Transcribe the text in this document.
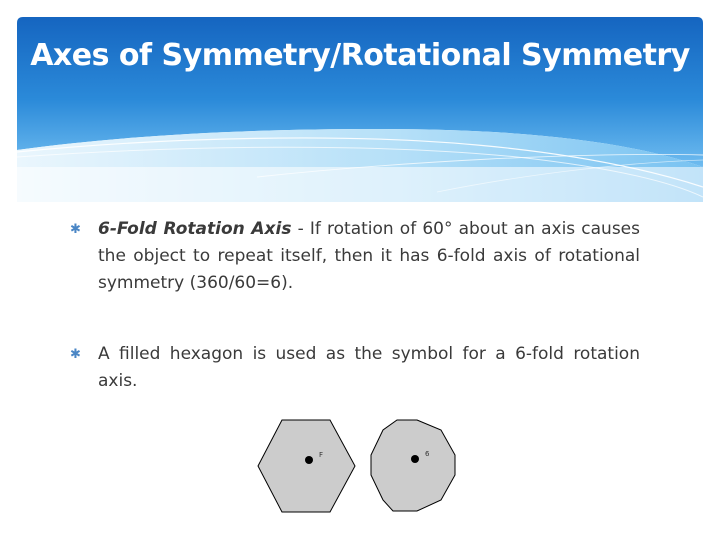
Axes of Symmetry/Rotational Symmetry
✱ 6-Fold Rotation Axis - If rotation of 60° about an axis causes the object to repeat itself, then it has 6-fold axis of rotational symmetry (360/60=6).
✱ A filled hexagon is used as the symbol for a 6-fold rotation axis.
F	6
